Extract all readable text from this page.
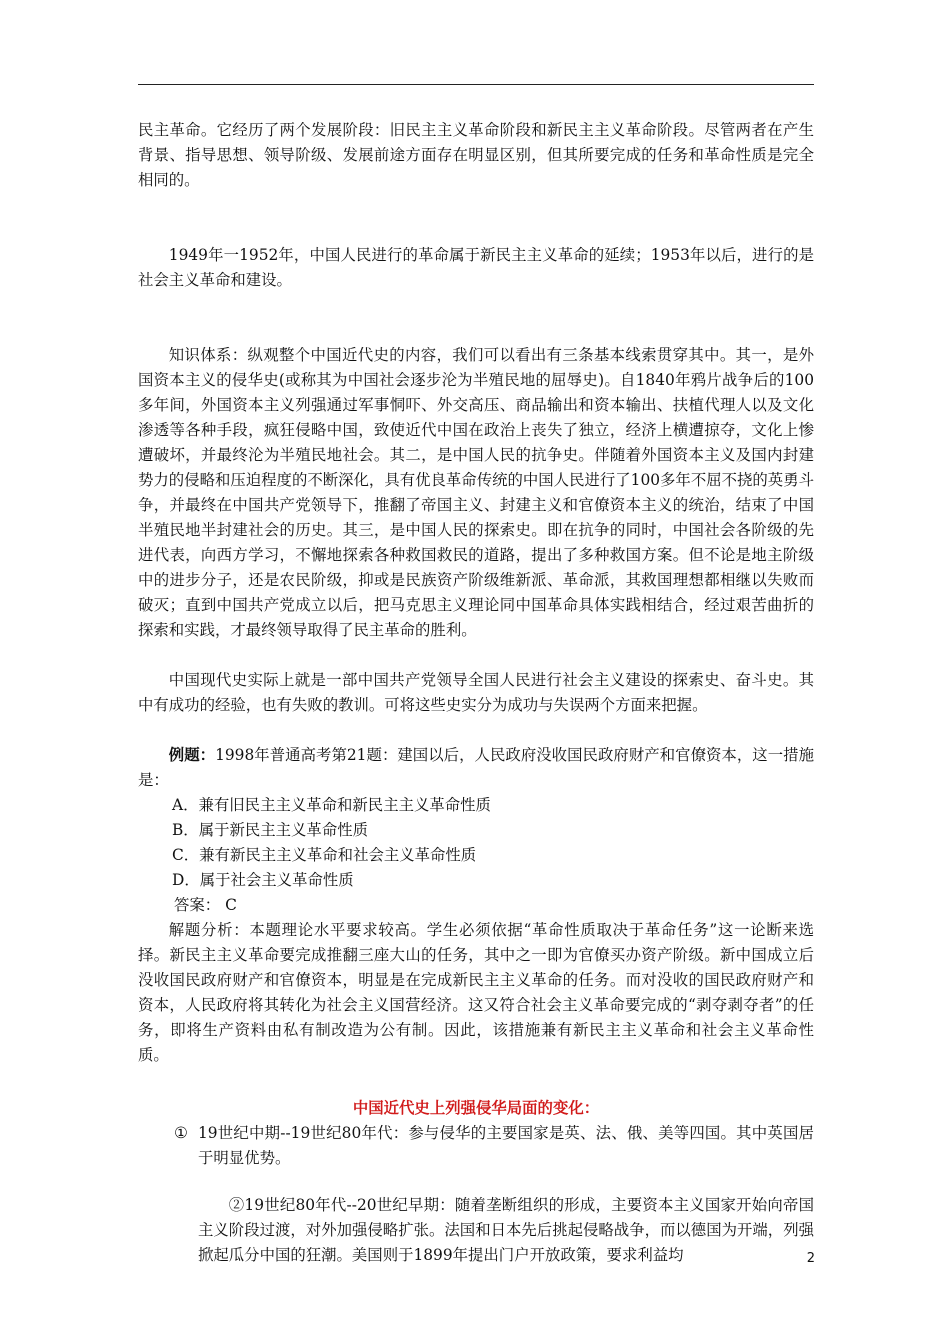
民主革命。它经历了两个发展阶段：旧民主主义革命阶段和新民主主义革命阶段。尽管两者在产生背景、指导思想、领导阶级、发展前途方面存在明显区别，但其所要完成的任务和革命性质是完全相同的。

1949年一1952年，中国人民进行的革命属于新民主主义革命的延续；1953年以后，进行的是社会主义革命和建设。

知识体系：纵观整个中国近代史的内容，我们可以看出有三条基本线索贯穿其中。其一，是外国资本主义的侵华史(或称其为中国社会逐步沦为半殖民地的屈辱史)。自1840年鸦片战争后的100多年间，外国资本主义列强通过军事恫吓、外交高压、商品输出和资本输出、扶植代理人以及文化渗透等各种手段，疯狂侵略中国，致使近代中国在政治上丧失了独立，经济上横遭掠夺，文化上惨遭破坏，并最终沦为半殖民地社会。其二，是中国人民的抗争史。伴随着外国资本主义及国内封建势力的侵略和压迫程度的不断深化，具有优良革命传统的中国人民进行了100多年不屈不挠的英勇斗争，并最终在中国共产党领导下，推翻了帝国主义、封建主义和官僚资本主义的统治，结束了中国半殖民地半封建社会的历史。其三，是中国人民的探索史。即在抗争的同时，中国社会各阶级的先进代表，向西方学习，不懈地探索各种救国救民的道路，提出了多种救国方案。但不论是地主阶级中的进步分子，还是农民阶级，抑或是民族资产阶级维新派、革命派，其救国理想都相继以失败而破灭；直到中国共产党成立以后，把马克思主义理论同中国革命具体实践相结合，经过艰苦曲折的探索和实践，才最终领导取得了民主革命的胜利。

中国现代史实际上就是一部中国共产党领导全国人民进行社会主义建设的探索史、奋斗史。其中有成功的经验，也有失败的教训。可将这些史实分为成功与失误两个方面来把握。

例题：1998年普通高考第21题：建国以后，人民政府没收国民政府财产和官僚资本，这一措施是：

A．兼有旧民主主义革命和新民主主义革命性质

B．属于新民主主义革命性质

C．兼有新民主主义革命和社会主义革命性质

D．属于社会主义革命性质

答案： C

解题分析：本题理论水平要求较高。学生必须依据“革命性质取决于革命任务”这一论断来选择。新民主主义革命要完成推翻三座大山的任务，其中之一即为官僚买办资产阶级。新中国成立后没收国民政府财产和官僚资本，明显是在完成新民主主义革命的任务。而对没收的国民政府财产和资本，人民政府将其转化为社会主义国营经济。这又符合社会主义革命要完成的“剥夺剥夺者”的任务，即将生产资料由私有制改造为公有制。因此，该措施兼有新民主主义革命和社会主义革命性质。

中国近代史上列强侵华局面的变化：

① 19世纪中期--19世纪80年代：参与侵华的主要国家是英、法、俄、美等四国。其中英国居于明显优势。

②19世纪80年代--20世纪早期：随着垄断组织的形成，主要资本主义国家开始向帝国主义阶段过渡，对外加强侵略扩张。法国和日本先后挑起侵略战争，而以德国为开端，列强掀起瓜分中国的狂潮。美国则于1899年提出门户开放政策，要求利益均	2
